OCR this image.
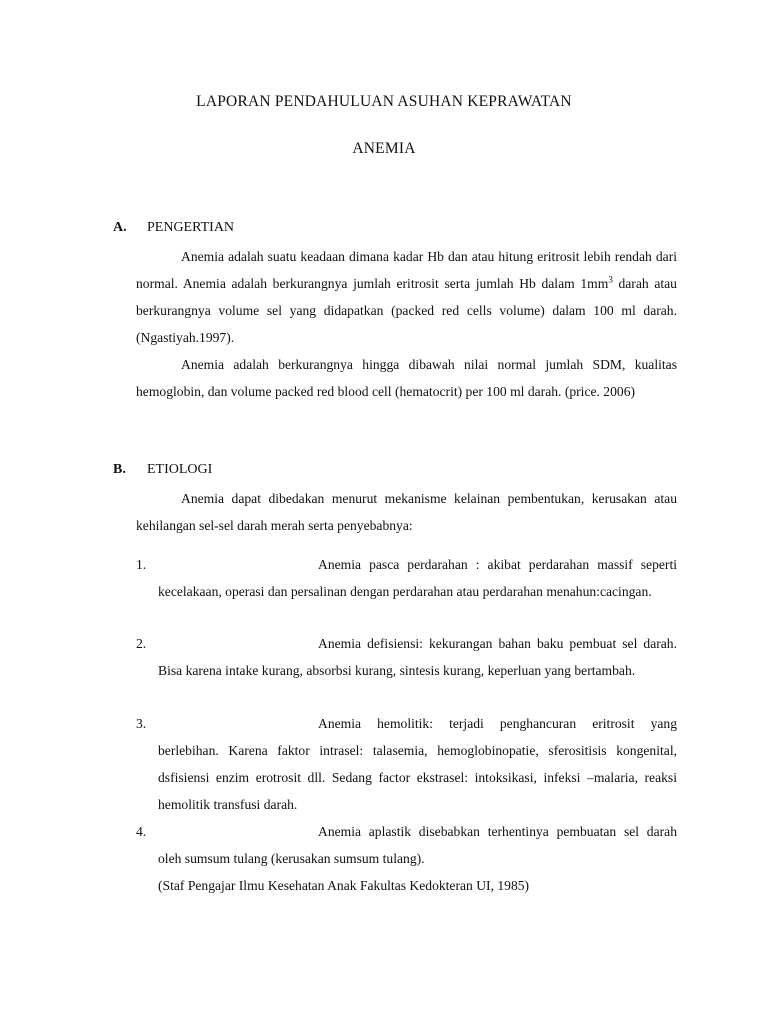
LAPORAN PENDAHULUAN ASUHAN KEPRAWATAN
ANEMIA
A. PENGERTIAN

Anemia adalah suatu keadaan dimana kadar Hb dan atau hitung eritrosit lebih rendah dari normal. Anemia adalah berkurangnya jumlah eritrosit serta jumlah Hb dalam $1mm^3$ darah atau berkurangnya volume sel yang didapatkan (packed red cells volume) dalam 100 ml darah. (Ngastiyah.1997).

Anemia adalah berkurangnya hingga dibawah nilai normal jumlah SDM, kualitas hemoglobin, dan volume packed red blood cell (hematocrit) per 100 ml darah. (price. 2006)

B. ETIOLOGI

Anemia dapat dibedakan menurut mekanisme kelainan pembentukan, kerusakan atau kehilangan sel-sel darah merah serta penyebabnya:

1.	Anemia pasca perdarahan : akibat perdarahan massif seperti kecelakaan, operasi dan persalinan dengan perdarahan atau perdarahan menahun:cacingan.
2.	Anemia defisiensi: kekurangan bahan baku pembuat sel darah. Bisa karena intake kurang, absorbsi kurang, sintesis kurang, keperluan yang bertambah.
3.	Anemia hemolitik: terjadi penghancuran eritrosit yang berlebihan. Karena faktor intrasel: talasemia, hemoglobinopatie, sferositisis kongenital, dsfisiensi enzim erotrosit dll. Sedang factor ekstrasel: intoksikasi, infeksi –malaria, reaksi hemolitik transfusi darah.
4.	Anemia aplastik disebabkan terhentinya pembuatan sel darah oleh sumsum tulang (kerusakan sumsum tulang).
(Staf Pengajar Ilmu Kesehatan Anak Fakultas Kedokteran UI, 1985)
